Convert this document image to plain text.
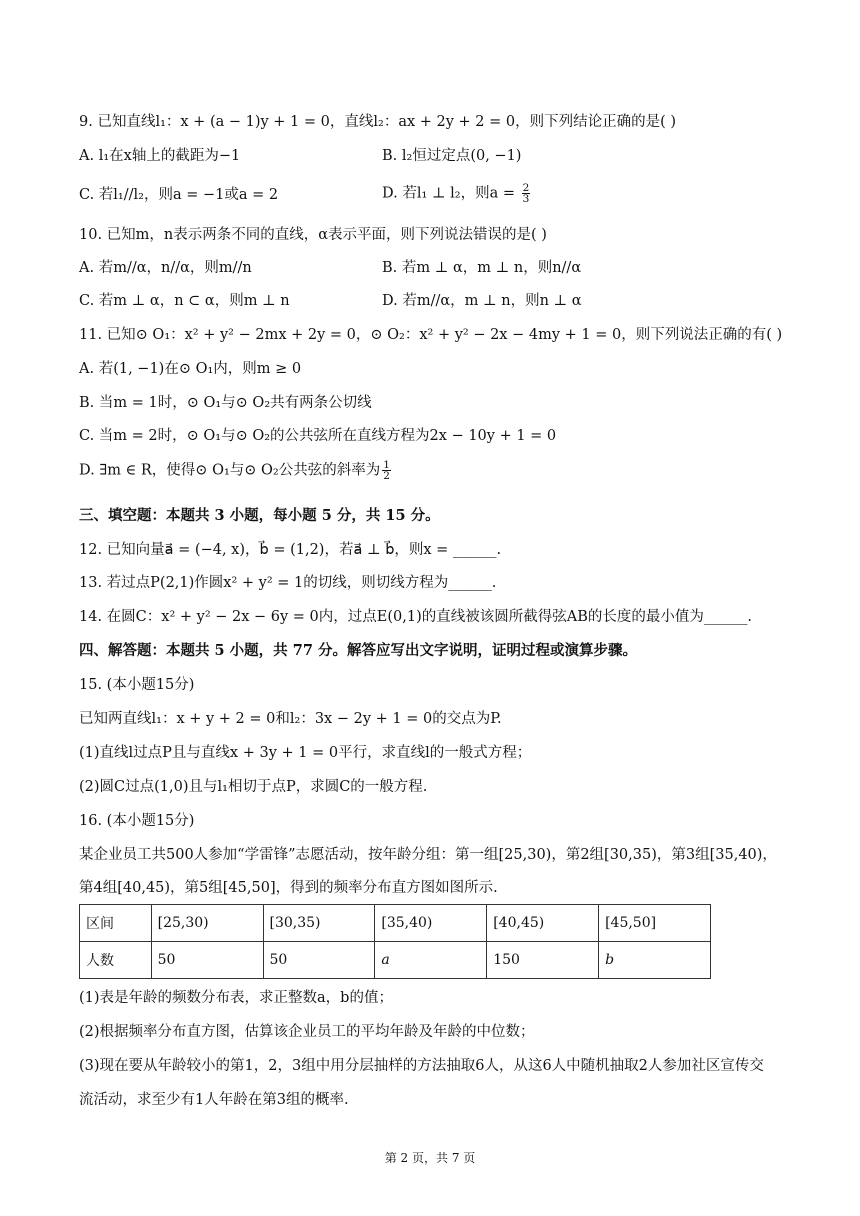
9. 已知直线l₁：x + (a − 1)y + 1 = 0，直线l₂：ax + 2y + 2 = 0，则下列结论正确的是( )
A. l₁在x轴上的截距为−1	B. l₂恒过定点(0, −1)
C. 若l₁//l₂，则a = −1或a = 2	D. 若l₁ ⊥ l₂，则$a = \frac{2}{3}$
10. 已知m，n表示两条不同的直线，α表示平面，则下列说法错误的是( )
A. 若m//α，n//α，则m//n	B. 若m ⊥ α，m ⊥ n，则n//α
C. 若m ⊥ α，n ⊂ α，则m ⊥ n	D. 若m//α，m ⊥ n，则n ⊥ α
11. 已知⊙ O₁：x² + y² − 2mx + 2y = 0，⊙ O₂：x² + y² − 2x − 4my + 1 = 0，则下列说法正确的有( )
A. 若(1, −1)在⊙ O₁内，则m ≥ 0
B. 当m = 1时，⊙ O₁与⊙ O₂共有两条公切线
C. 当m = 2时，⊙ O₁与⊙ O₂的公共弦所在直线方程为2x − 10y + 1 = 0
D. ∃m ∈ R，使得⊙ O₁与⊙ O₂公共弦的斜率为 $\frac{1}{2}$
三、填空题：本题共 3 小题，每小题 5 分，共 15 分。
12. 已知向量a⃗ = (−4, x)，b⃗ = (1,2)，若a⃗ ⊥ b⃗，则x = ______.
13. 若过点P(2,1)作圆x² + y² = 1的切线，则切线方程为______.
14. 在圆C：x² + y² − 2x − 6y = 0内，过点E(0,1)的直线被该圆所截得弦AB的长度的最小值为______.
四、解答题：本题共 5 小题，共 77 分。解答应写出文字说明，证明过程或演算步骤。
15. (本小题15分)
已知两直线l₁：x + y + 2 = 0和l₂：3x − 2y + 1 = 0的交点为P.
(1)直线l过点P且与直线x + 3y + 1 = 0平行，求直线l的一般式方程；
(2)圆C过点(1,0)且与l₁相切于点P，求圆C的一般方程.
16. (本小题15分)
某企业员工共500人参加“学雷锋”志愿活动，按年龄分组：第一组[25,30)，第2组[30,35)，第3组[35,40)，
第4组[40,45)，第5组[45,50]，得到的频率分布直方图如图所示.
区间	[25,30)	[30,35)	[35,40)	[40,45)	[45,50]
人数	50	50	a	150	b
(1)表是年龄的频数分布表，求正整数a，b的值；
(2)根据频率分布直方图，估算该企业员工的平均年龄及年龄的中位数；
(3)现在要从年龄较小的第1，2，3组中用分层抽样的方法抽取6人，从这6人中随机抽取2人参加社区宣传交
流活动，求至少有1人年龄在第3组的概率.
第 2 页，共 7 页
